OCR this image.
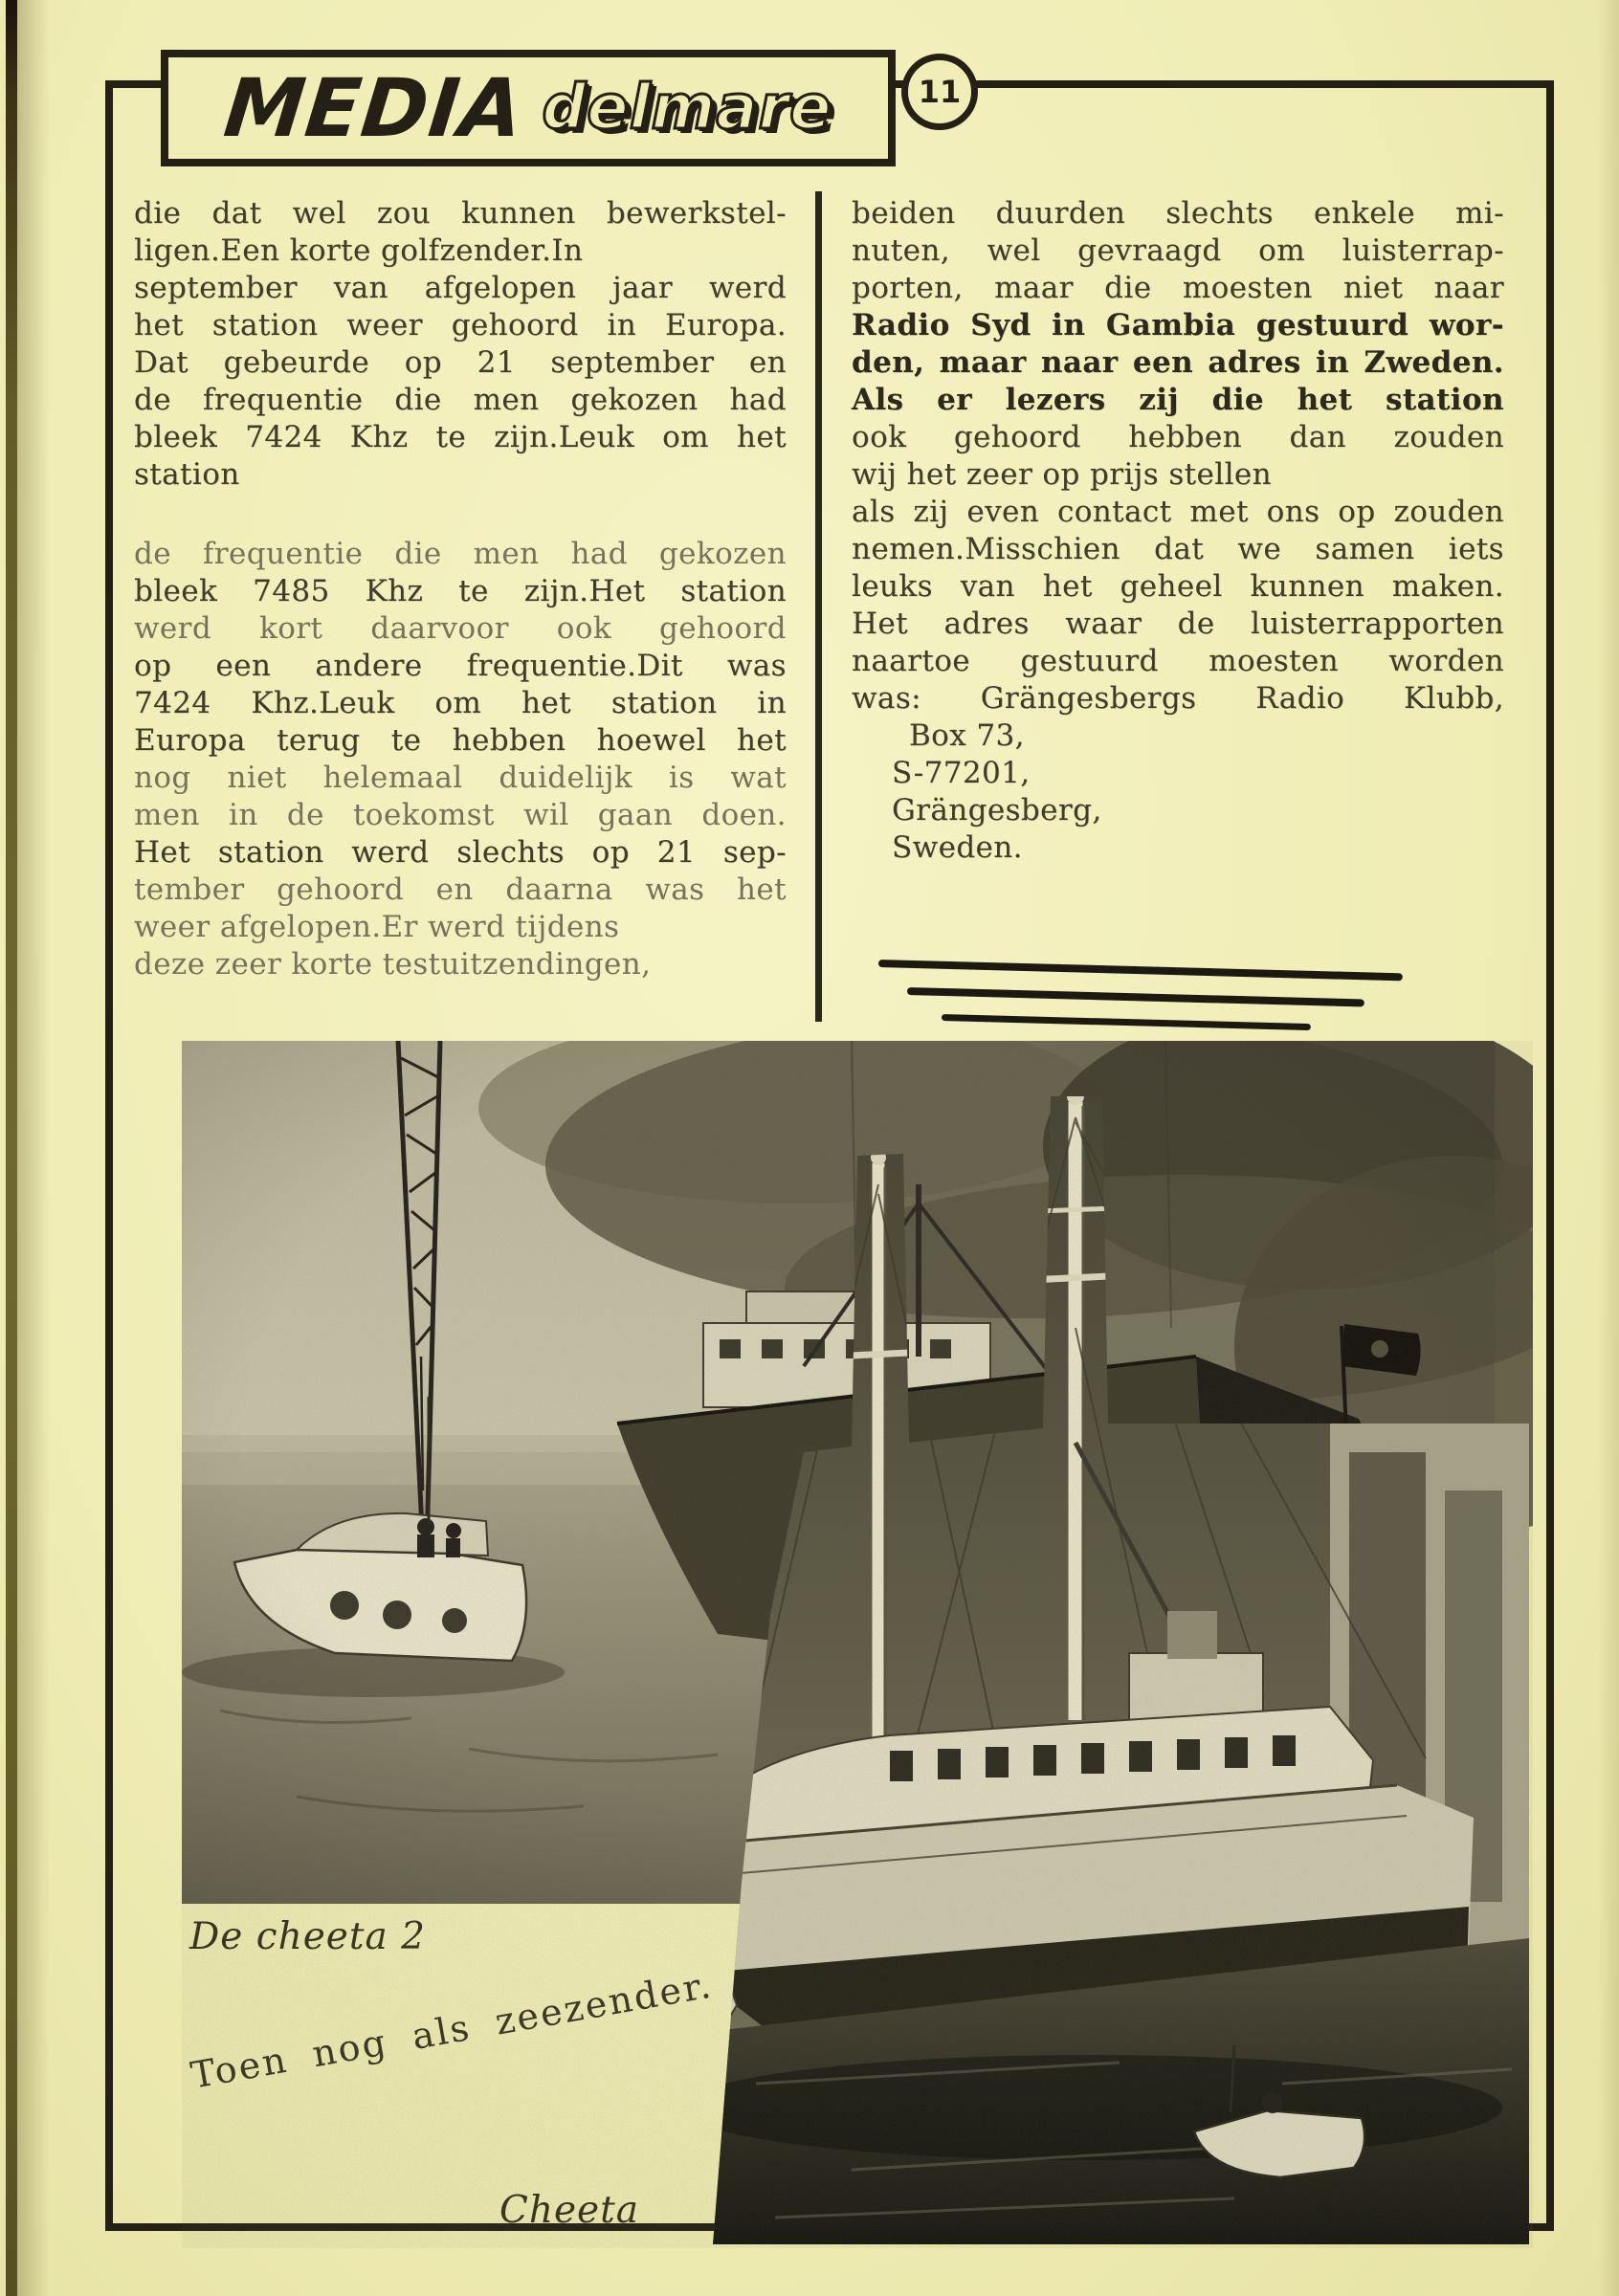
MEDIA delmare	11
die dat wel zou kunnen bewerkstel-
ligen.Een korte golfzender.In
september van afgelopen jaar werd
het station weer gehoord in Europa.
Dat gebeurde op 21 september en
de frequentie die men gekozen had
bleek 7424 Khz te zijn.Leuk om het
station
de frequentie die men had gekozen
bleek 7485 Khz te zijn.Het station
werd kort daarvoor ook gehoord
op een andere frequentie.Dit was
7424 Khz.Leuk om het station in
Europa terug te hebben hoewel het
nog niet helemaal duidelijk is wat
men in de toekomst wil gaan doen.
Het station werd slechts op 21 sep-
tember gehoord en daarna was het
weer afgelopen.Er werd tijdens
deze zeer korte testuitzendingen,
beiden duurden slechts enkele mi-
nuten, wel gevraagd om luisterrap-
porten, maar die moesten niet naar
Radio Syd in Gambia gestuurd wor-
den, maar naar een adres in Zweden.
Als er lezers zij die het station
ook gehoord hebben dan zouden
wij het zeer op prijs stellen
als zij even contact met ons op zouden
nemen.Misschien dat we samen iets
leuks van het geheel kunnen maken.
Het adres waar de luisterrapporten
naartoe gestuurd moesten worden
was: Grängesbergs Radio Klubb,
Box 73,
S-77201,
Grängesberg,
Sweden.
De cheeta 2
Toen nog als zeezender.
Cheeta
